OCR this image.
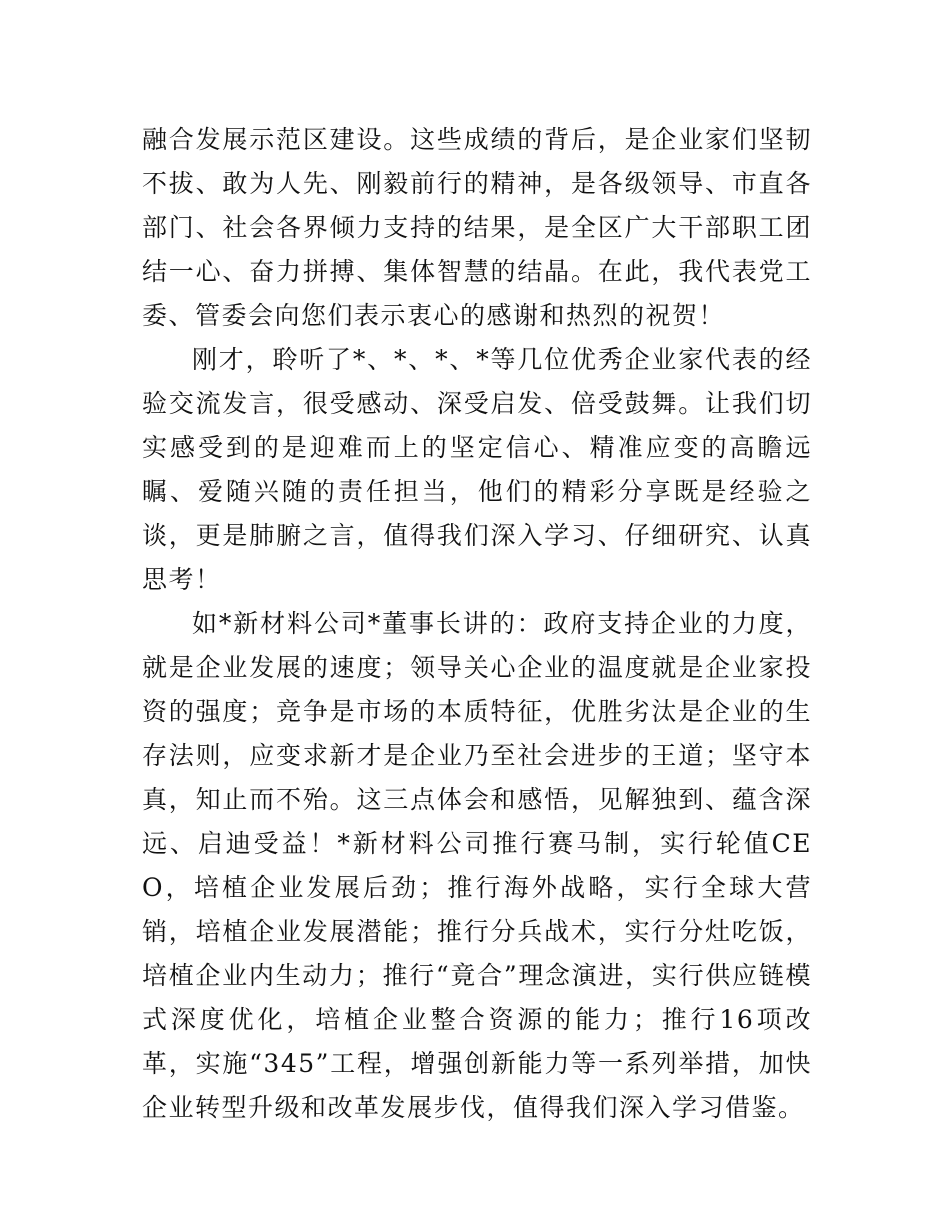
融合发展示范区建设。这些成绩的背后，是企业家们坚韧不拔、敢为人先、刚毅前行的精神，是各级领导、市直各部门、社会各界倾力支持的结果，是全区广大干部职工团结一心、奋力拼搏、集体智慧的结晶。在此，我代表党工委、管委会向您们表示衷心的感谢和热烈的祝贺！

刚才，聆听了*、*、*、*等几位优秀企业家代表的经验交流发言，很受感动、深受启发、倍受鼓舞。让我们切实感受到的是迎难而上的坚定信心、精准应变的高瞻远瞩、爱随兴随的责任担当，他们的精彩分享既是经验之谈，更是肺腑之言，值得我们深入学习、仔细研究、认真思考！

如*新材料公司*董事长讲的：政府支持企业的力度，就是企业发展的速度；领导关心企业的温度就是企业家投资的强度；竞争是市场的本质特征，优胜劣汰是企业的生存法则，应变求新才是企业乃至社会进步的王道；坚守本真，知止而不殆。这三点体会和感悟，见解独到、蕴含深远、启迪受益！*新材料公司推行赛马制，实行轮值CEO，培植企业发展后劲；推行海外战略，实行全球大营销，培植企业发展潜能；推行分兵战术，实行分灶吃饭，培植企业内生动力；推行“竟合”理念演进，实行供应链模式深度优化，培植企业整合资源的能力；推行16项改革，实施“345”工程，增强创新能力等一系列举措，加快企业转型升级和改革发展步伐，值得我们深入学习借鉴。
